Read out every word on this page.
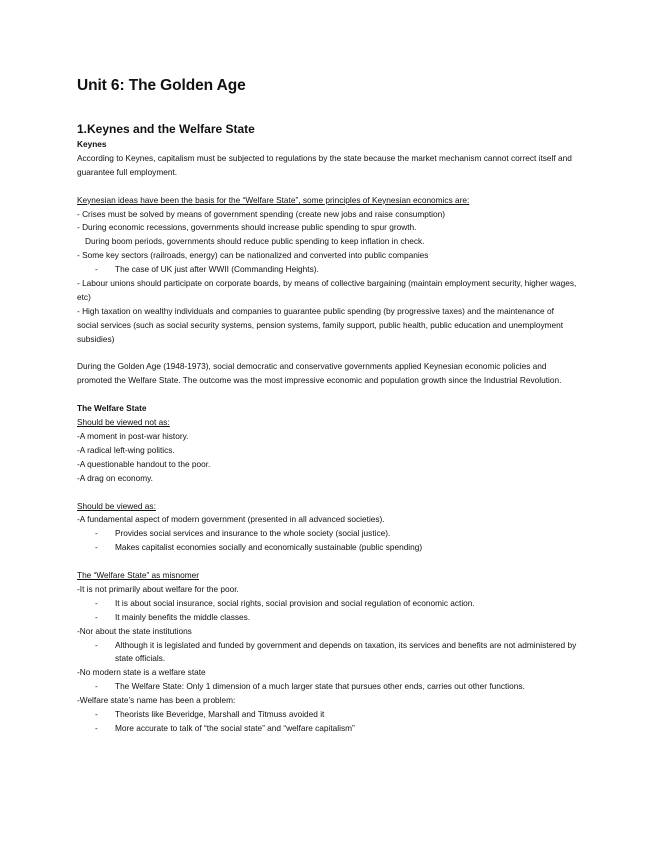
Unit 6: The Golden Age
1.Keynes and the Welfare State

Keynes

According to Keynes, capitalism must be subjected to regulations by the state because the market mechanism cannot correct itself and guarantee full employment.

Keynesian ideas have been the basis for the “Welfare State”, some principles of Keynesian economics are:

- Crises must be solved by means of government spending (create new jobs and raise consumption)

- During economic recessions, governments should increase public spending to spur growth.

During boom periods, governments should reduce public spending to keep inflation in check.

- Some key sectors (railroads, energy) can be nationalized and converted into public companies

- The case of UK just after WWII (Commanding Heights).

- Labour unions should participate on corporate boards, by means of collective bargaining (maintain employment security, higher wages, etc)

- High taxation on wealthy individuals and companies to guarantee public spending (by progressive taxes) and the maintenance of social services (such as social security systems, pension systems, family support, public health, public education and unemployment subsidies)

During the Golden Age (1948-1973), social democratic and conservative governments applied Keynesian economic policies and promoted the Welfare State. The outcome was the most impressive economic and population growth since the Industrial Revolution.

The Welfare State

Should be viewed not as:

-A moment in post-war history.

-A radical left-wing politics.

-A questionable handout to the poor.

-A drag on economy.

Should be viewed as:

-A fundamental aspect of modern government (presented in all advanced societies).

- Provides social services and insurance to the whole society (social justice).

- Makes capitalist economies socially and economically sustainable (public spending)

The “Welfare State” as misnomer

-It is not primarily about welfare for the poor.

- It is about social insurance, social rights, social provision and social regulation of economic action.

- It mainly benefits the middle classes.

-Nor about the state institutions

- Although it is legislated and funded by government and depends on taxation, its services and benefits are not administered by state officials.

-No modern state is a welfare state

- The Welfare State: Only 1 dimension of a much larger state that pursues other ends, carries out other functions.

-Welfare state’s name has been a problem:

- Theorists like Beveridge, Marshall and Titmuss avoided it

- More accurate to talk of “the social state” and “welfare capitalism”
